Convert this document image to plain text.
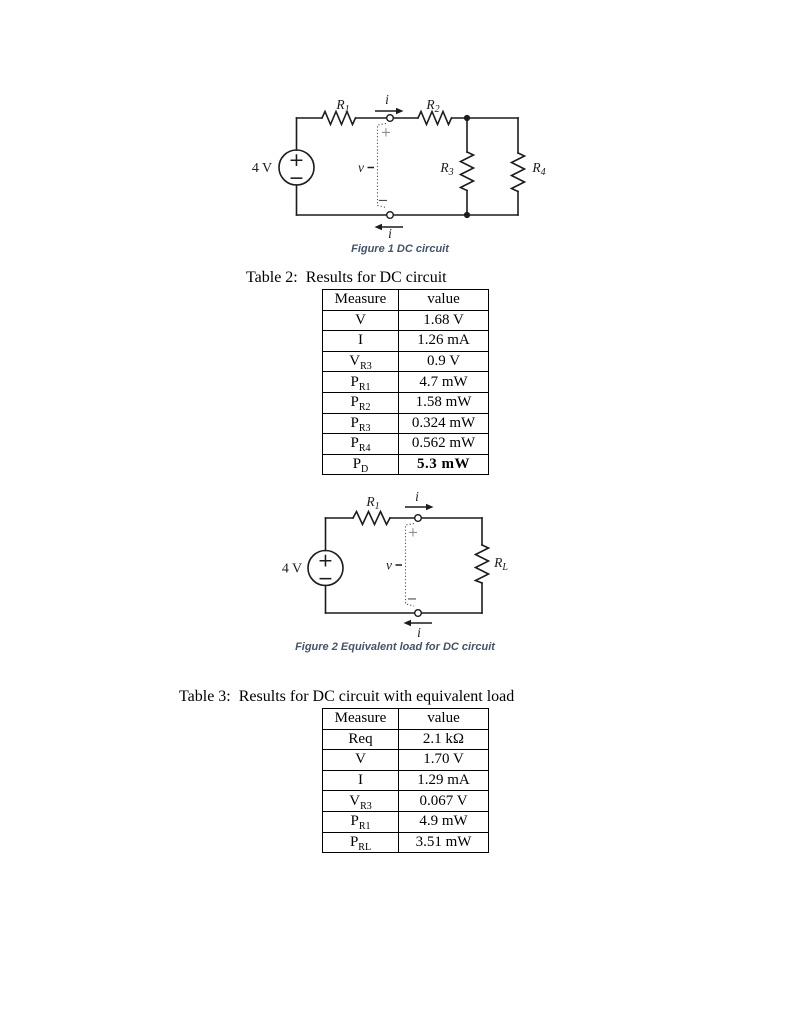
+
−
4 V
+
−
v
i
i
$R_1$	$R_2$
$R_3$	$R_4$
Figure 1 DC circuit
Table 2:  Results for DC circuit
Measure	value
V	1.68 V
I	1.26 mA
$V_{R3}$	0.9 V
$P_{R1}$	4.7 mW
$P_{R2}$	1.58 mW
$P_{R3}$	0.324 mW
$P_{R4}$	0.562 mW
$P_D$	5.3 mW
+
−
4 V
+
−
v
i
i
$R_1$
$R_L$
Figure 2 Equivalent load for DC circuit
Table 3:  Results for DC circuit with equivalent load
Measure	value
Req	2.1 kΩ
V	1.70 V
I	1.29 mA
$V_{R3}$	0.067 V
$P_{R1}$	4.9 mW
$P_{RL}$	3.51 mW
